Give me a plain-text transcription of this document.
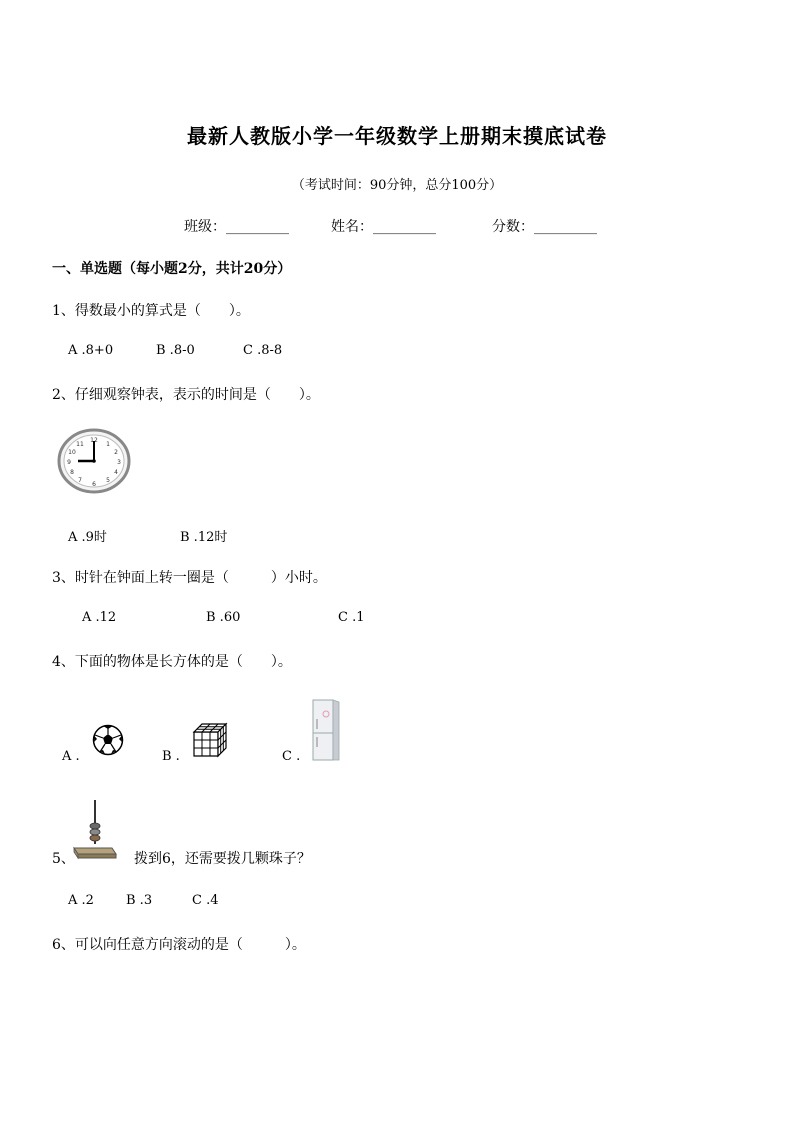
最新人教版小学一年级数学上册期末摸底试卷
（考试时间：90分钟，总分100分）
班级：_________	姓名：_________	分数：_________
一、单选题（每小题2分，共计20分）
1、得数最小的算式是（　　）。
A .8+0	B .8-0	C .8-8
2、仔细观察钟表，表示的时间是（　　）。
12
1
2
3
4
5
6
7
8
9
10
11
A .9时	B .12时
3、时针在钟面上转一圈是（　　　）小时。
A .12	B .60	C .1
4、下面的物体是长方体的是（　　）。
A .	B .	C .
5、	拨到6，还需要拨几颗珠子？
A .2 B .3	C .4
6、可以向任意方向滚动的是（　　　）。
